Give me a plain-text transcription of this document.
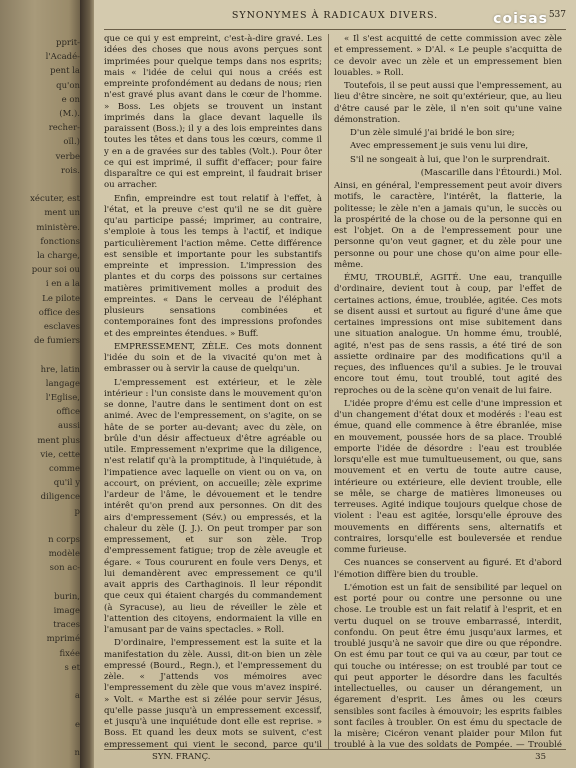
pprit-
l'Acadé-
pent la
qu'on
e on
(M.).
recher-
oïl.)
verbe
rois.
xécuter, est
ment un
ministère.
fonctions
la charge,
pour soi ou
i en a la
Le pilote
office des
esclaves
de fumiers
hre, latin
langage
l'Eglise,
office
aussi
ment plus
vie, cette
comme
qu'il y
diligence
p
n corps
modèle
son ac-
burin,
image
traces
mprimé
fixée
s et
a
e
n
SYNONYMES À RADICAUX DIVERS.	coisas 537

que ce qui y est empreint, c'est-à-dire gravé. Les idées des choses que nous avons perçues sont imprimées pour quelque temps dans nos esprits; mais « l'idée de celui qui nous a créés est empreinte profondément au dedans de nous; rien n'est gravé plus avant dans le cœur de l'homme. » Boss. Les objets se trouvent un instant imprimés dans la glace devant laquelle ils paraissent (Boss.); il y a des lois empreintes dans toutes les têtes et dans tous les cœurs, comme il y en a de gravées sur des tables (Volt.). Pour ôter ce qui est imprimé, il suffit d'effacer; pour faire disparaître ce qui est empreint, il faudrait briser ou arracher.

Enfin, empreindre est tout relatif à l'effet, à l'état, et la preuve c'est qu'il ne se dit guère qu'au participe passé; imprimer, au contraire, s'emploie à tous les temps à l'actif, et indique particulièrement l'action même. Cette différence est sensible et importante pour les substantifs empreinte et impression. L'impression des plantes et du corps des poissons sur certaines matières primitivement molles a produit des empreintes. « Dans le cerveau de l'éléphant plusieurs sensations combinées et contemporaines font des impressions profondes et des empreintes étendues. » Buff.

EMPRESSEMENT, ZÈLE. Ces mots donnent l'idée du soin et de la vivacité qu'on met à embrasser ou à servir la cause de quelqu'un.

L'empressement est extérieur, et le zèle intérieur : l'un consiste dans le mouvement qu'on se donne, l'autre dans le sentiment dont on est animé. Avec de l'empressement, on s'agite, on se hâte de se porter au-devant; avec du zèle, on brûle d'un désir affectueux d'être agréable ou utile. Empressement n'exprime que la diligence, n'est relatif qu'à la promptitude, à l'inquiétude, à l'impatience avec laquelle on vient ou on va, on accourt, on prévient, on accueille; zèle exprime l'ardeur de l'âme, le dévouement et le tendre intérêt qu'on prend aux personnes. On dit des airs d'empressement (Sév.) ou empressés, et la chaleur du zèle (J. J.). On peut tromper par son empressement, et sur son zèle. Trop d'empressement fatigue; trop de zèle aveugle et égare. « Tous coururent en foule vers Denys, et lui demandèrent avec empressement ce qu'il avait appris des Carthaginois. Il leur répondit que ceux qui étaient chargés du commandement (à Syracuse), au lieu de réveiller le zèle et l'attention des citoyens, endormaient la ville en l'amusant par de vains spectacles. » Roll.

D'ordinaire, l'empressement est la suite et la manifestation du zèle. Aussi, dit-on bien un zèle empressé (Bourd., Regn.), et l'empressement du zèle. « J'attends vos mémoires avec l'empressement du zèle que vous m'avez inspiré. » Volt. « Marthe est si zélée pour servir Jésus, qu'elle passe jusqu'à un empressement excessif, et jusqu'à une inquiétude dont elle est reprise. » Boss. Et quand les deux mots se suivent, c'est empressement qui vient le second, parce qu'il

« Il s'est acquitté de cette commission avec zèle et empressement. » D'Al. « Le peuple s'acquitta de ce devoir avec un zèle et un empressement bien louables. » Roll.

Toutefois, il se peut aussi que l'empressement, au lieu d'être sincère, ne soit qu'extérieur, que, au lieu d'être causé par le zèle, il n'en soit qu'une vaine démonstration.

D'un zèle simulé j'ai bridé le bon sire;

Avec empressement je suis venu lui dire,

S'il ne songeait à lui, que l'on le surprendrait.

(Mascarille dans l'Étourdi.) Mol.

Ainsi, en général, l'empressement peut avoir divers motifs, le caractère, l'intérêt, la flatterie, la politesse; le zèle n'en a jamais qu'un, le succès ou la prospérité de la chose ou de la personne qui en est l'objet. On a de l'empressement pour une personne qu'on veut gagner, et du zèle pour une personne ou pour une chose qu'on aime pour elle-même.

ÉMU, TROUBLÉ, AGITÉ. Une eau, tranquille d'ordinaire, devient tout à coup, par l'effet de certaines actions, émue, troublée, agitée. Ces mots se disent aussi et surtout au figuré d'une âme que certaines impressions ont mise subitement dans une situation analogue. Un homme ému, troublé, agité, n'est pas de sens rassis, a été tiré de son assiette ordinaire par des modifications qu'il a reçues, des influences qu'il a subies. Je le trouvai encore tout ému, tout troublé, tout agité des reproches ou de la scène qu'on venait de lui faire.

L'idée propre d'ému est celle d'une impression et d'un changement d'état doux et modérés : l'eau est émue, quand elle commence à être ébranlée, mise en mouvement, poussée hors de sa place. Troublé emporte l'idée de désordre : l'eau est troublée lorsqu'elle est mue tumultueusement, ou que, sans mouvement et en vertu de toute autre cause, intérieure ou extérieure, elle devient trouble, elle se mêle, se charge de matières limoneuses ou terreuses. Agité indique toujours quelque chose de violent : l'eau est agitée, lorsqu'elle éprouve des mouvements en différents sens, alternatifs et contraires, lorsqu'elle est bouleversée et rendue comme furieuse.

Ces nuances se conservent au figuré. Et d'abord l'émotion diffère bien du trouble.

L'émotion est un fait de sensibilité par lequel on est porté pour ou contre une personne ou une chose. Le trouble est un fait relatif à l'esprit, et en vertu duquel on se trouve embarrassé, interdit, confondu. On peut être ému jusqu'aux larmes, et troublé jusqu'à ne savoir que dire ou que répondre. On est ému par tout ce qui va au cœur, par tout ce qui touche ou intéresse; on est troublé par tout ce qui peut apporter le désordre dans les facultés intellectuelles, ou causer un dérangement, un égarement d'esprit. Les âmes ou les cœurs sensibles sont faciles à émouvoir; les esprits faibles sont faciles à troubler. On est ému du spectacle de la misère; Cicéron venant plaider pour Milon fut troublé à la vue des soldats de Pompée. — Troublé

SYN. FRANÇ.	35
